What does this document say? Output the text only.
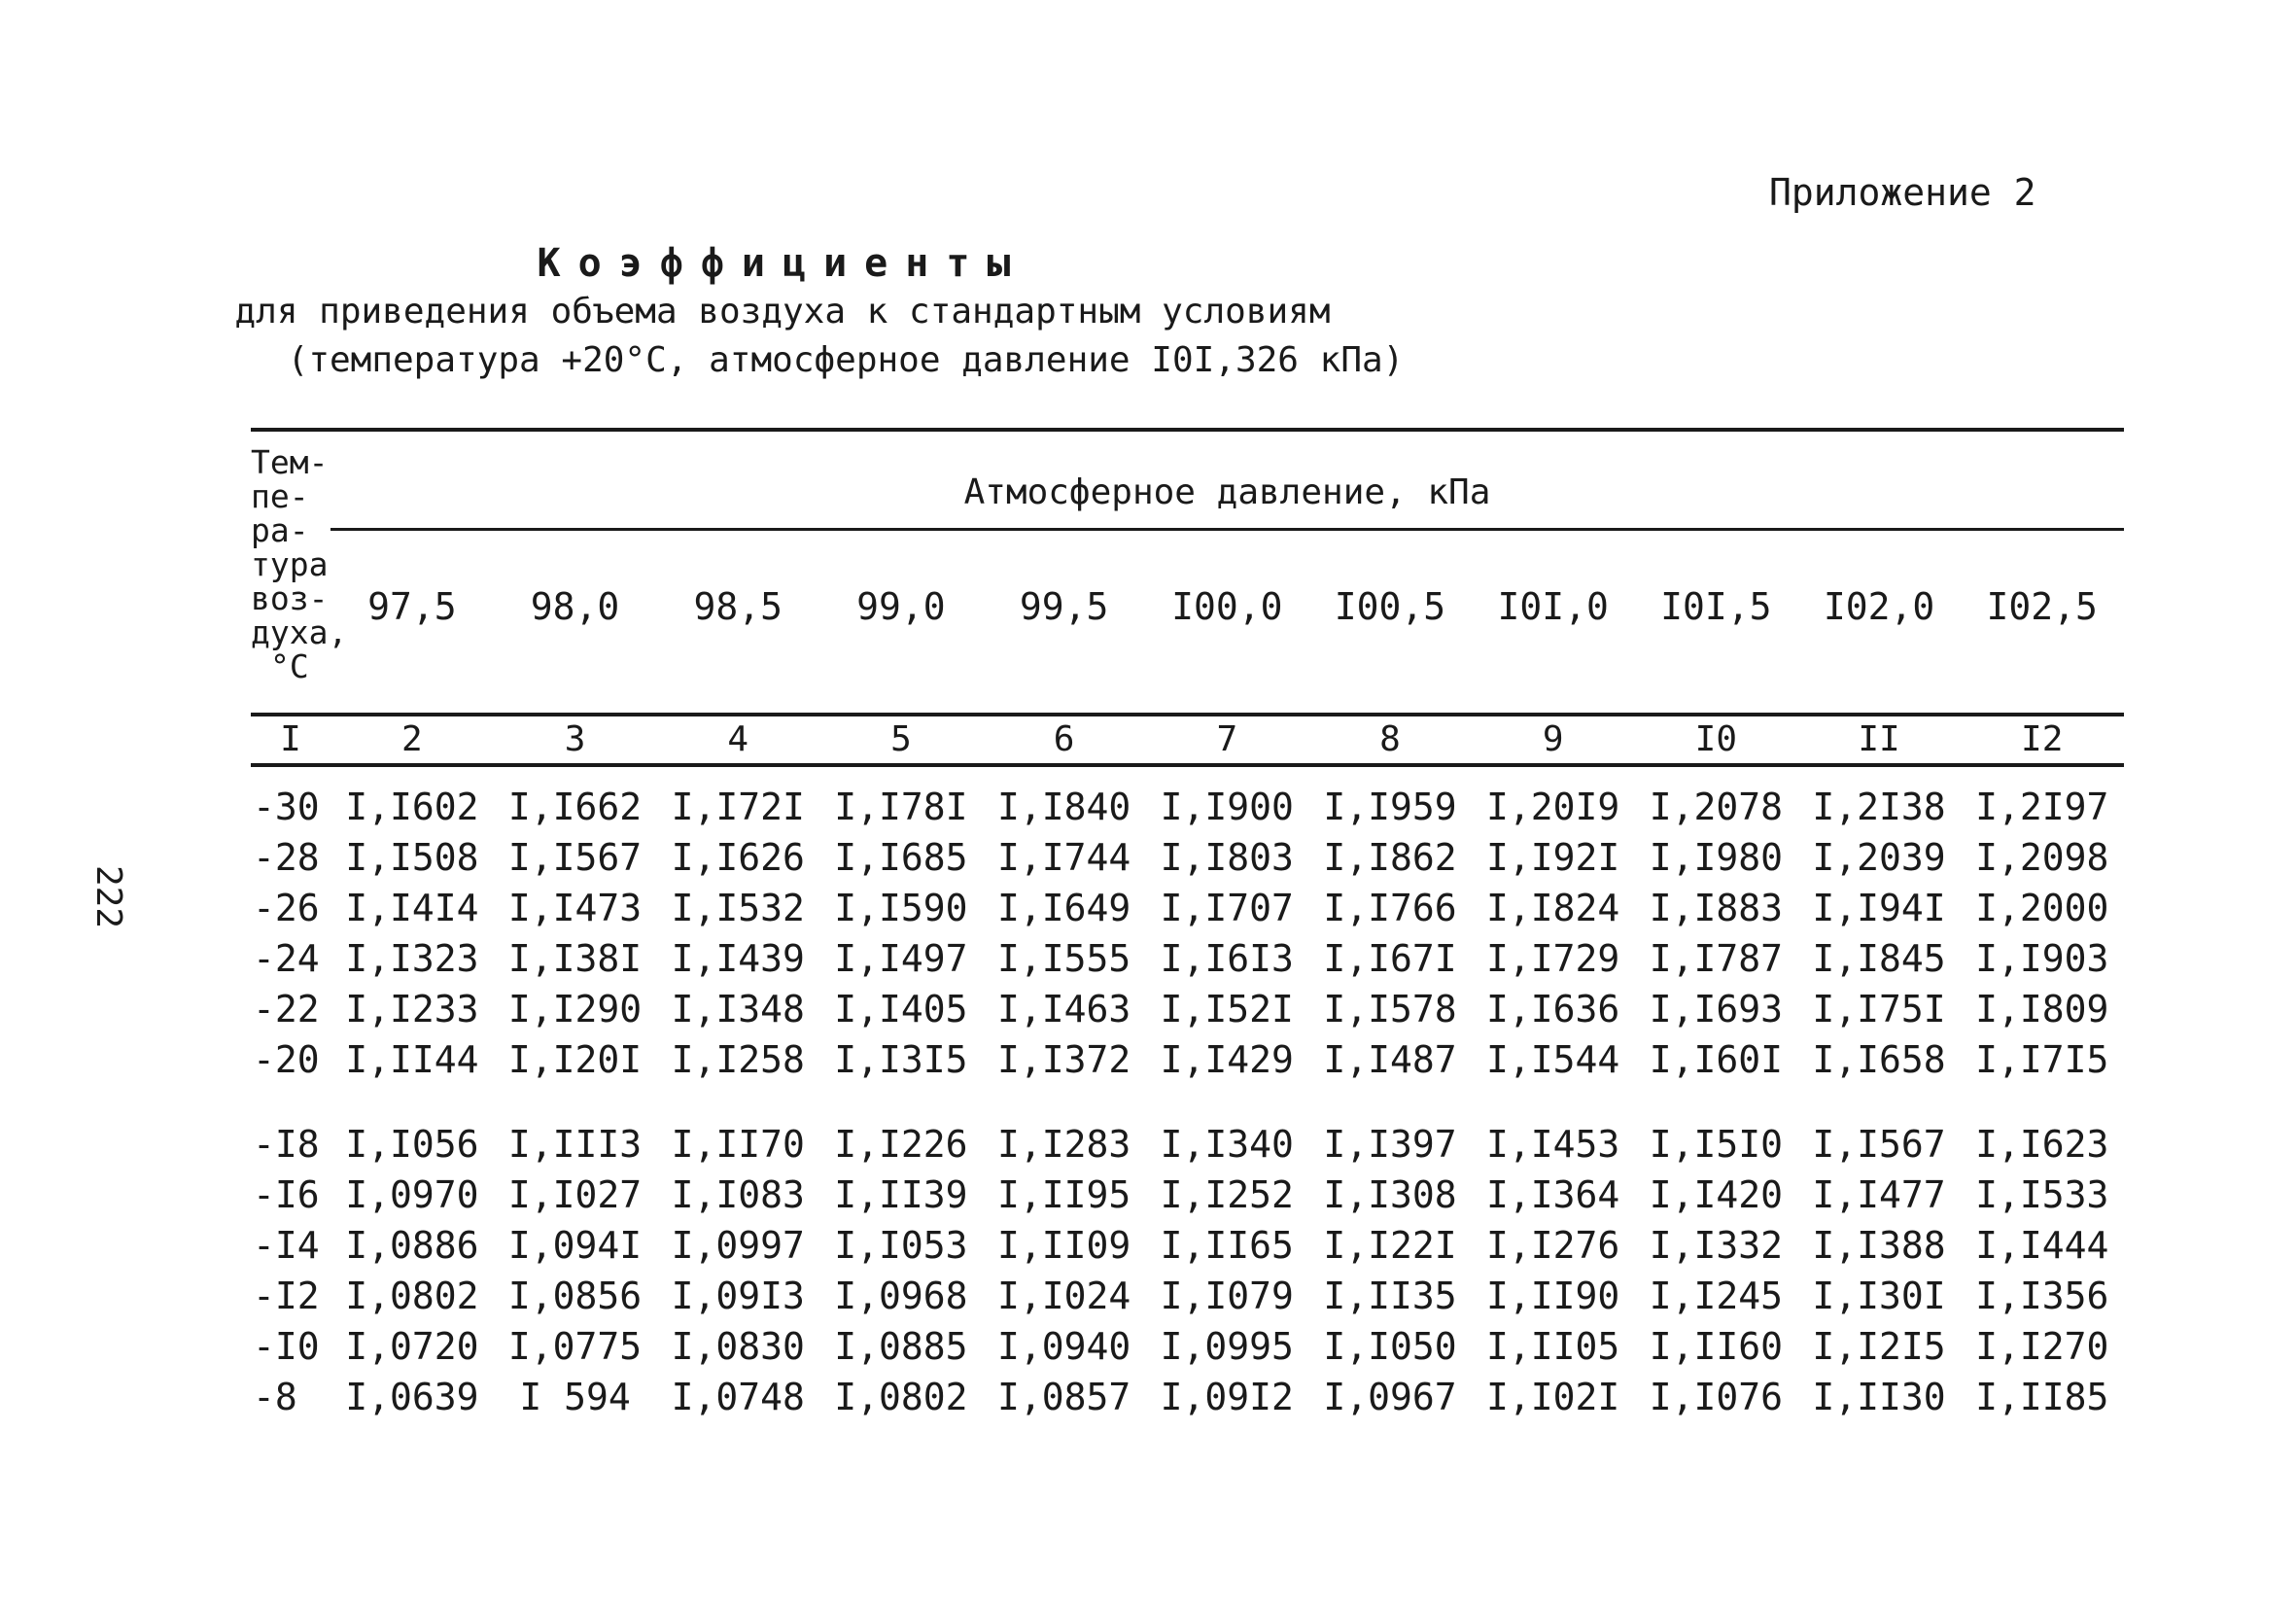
Приложение 2
Коэффициенты
для приведения объема воздуха к стандартным условиям
(температура +20°С, атмосферное давление I0I,326 кПа)
222
Тем-
пе-
ра-
тура
воз-
духа,
°С
Атмосферное давление, кПа
97,5	98,0	98,5	99,0	99,5	I00,0	I00,5	I0I,0	I0I,5	I02,0	I02,5
I	2	3	4	5	6	7	8	9	I0	II	I2
-30 I,I602 I,I662 I,I72I I,I78I I,I840 I,I900 I,I959 I,20I9 I,2078 I,2I38 I,2I97
-28 I,I508 I,I567 I,I626 I,I685 I,I744 I,I803 I,I862 I,I92I I,I980 I,2039 I,2098
-26 I,I4I4 I,I473 I,I532 I,I590 I,I649 I,I707 I,I766 I,I824 I,I883 I,I94I I,2000
-24 I,I323 I,I38I I,I439 I,I497 I,I555 I,I6I3 I,I67I I,I729 I,I787 I,I845 I,I903
-22 I,I233 I,I290 I,I348 I,I405 I,I463 I,I52I I,I578 I,I636 I,I693 I,I75I I,I809
-20 I,II44 I,I20I I,I258 I,I3I5 I,I372 I,I429 I,I487 I,I544 I,I60I I,I658 I,I7I5
-I8 I,I056 I,III3 I,II70 I,I226 I,I283 I,I340 I,I397 I,I453 I,I5I0 I,I567 I,I623
-I6 I,0970 I,I027 I,I083 I,II39 I,II95 I,I252 I,I308 I,I364 I,I420 I,I477 I,I533
-I4 I,0886 I,094I I,0997 I,I053 I,II09 I,II65 I,I22I I,I276 I,I332 I,I388 I,I444
-I2 I,0802 I,0856 I,09I3 I,0968 I,I024 I,I079 I,II35 I,II90 I,I245 I,I30I I,I356
-I0 I,0720 I,0775 I,0830 I,0885 I,0940 I,0995 I,I050 I,II05 I,II60 I,I2I5 I,I270
-8	I,0639	I 594	I,0748 I,0802 I,0857 I,09I2 I,0967 I,I02I I,I076 I,II30 I,II85
